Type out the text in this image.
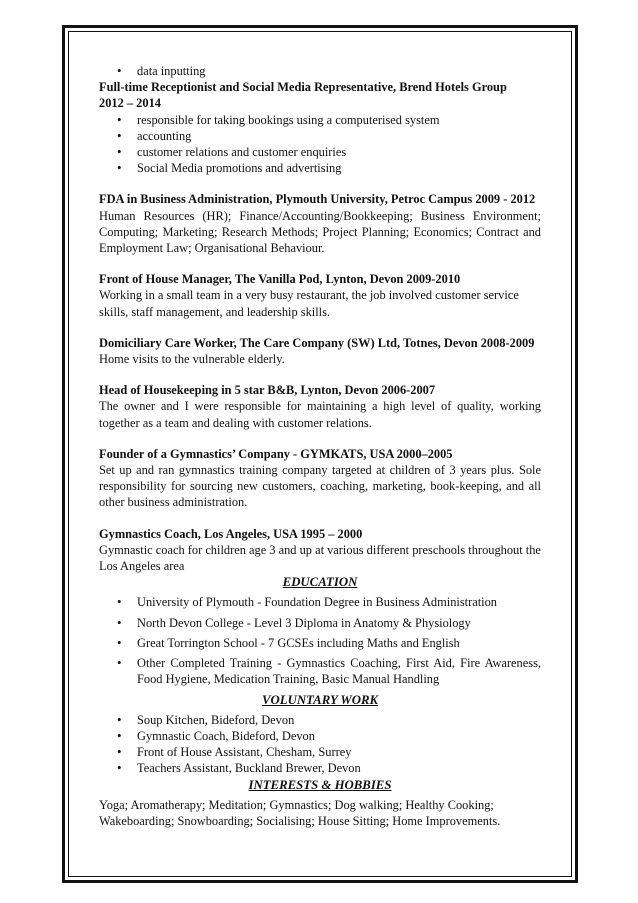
• data inputting
Full-time Receptionist and Social Media Representative, Brend Hotels Group
2012 – 2014
• responsible for taking bookings using a computerised system
• accounting
• customer relations and customer enquiries
• Social Media promotions and advertising
FDA in Business Administration, Plymouth University, Petroc Campus 2009 - 2012
Human Resources (HR); Finance/Accounting/Bookkeeping; Business Environment; Computing; Marketing; Research Methods; Project Planning; Economics; Contract and Employment Law; Organisational Behaviour.
Front of House Manager, The Vanilla Pod, Lynton, Devon 2009-2010
Working in a small team in a very busy restaurant, the job involved customer service skills, staff management, and leadership skills.
Domiciliary Care Worker, The Care Company (SW) Ltd, Totnes, Devon 2008-2009
Home visits to the vulnerable elderly.
Head of Housekeeping in 5 star B&B, Lynton, Devon 2006-2007
The owner and I were responsible for maintaining a high level of quality, working together as a team and dealing with customer relations.
Founder of a Gymnastics’ Company - GYMKATS, USA 2000–2005
Set up and ran gymnastics training company targeted at children of 3 years plus. Sole responsibility for sourcing new customers, coaching, marketing, book-keeping, and all other business administration.
Gymnastics Coach, Los Angeles, USA 1995 – 2000
Gymnastic coach for children age 3 and up at various different preschools throughout the Los Angeles area
EDUCATION
• University of Plymouth - Foundation Degree in Business Administration
• North Devon College - Level 3 Diploma in Anatomy & Physiology
• Great Torrington School - 7 GCSEs including Maths and English
• Other Completed Training - Gymnastics Coaching, First Aid, Fire Awareness, Food Hygiene, Medication Training, Basic Manual Handling
VOLUNTARY WORK
• Soup Kitchen, Bideford, Devon
• Gymnastic Coach, Bideford, Devon
• Front of House Assistant, Chesham, Surrey
• Teachers Assistant, Buckland Brewer, Devon
INTERESTS & HOBBIES
Yoga; Aromatherapy; Meditation; Gymnastics; Dog walking; Healthy Cooking; Wakeboarding; Snowboarding; Socialising; House Sitting; Home Improvements.
